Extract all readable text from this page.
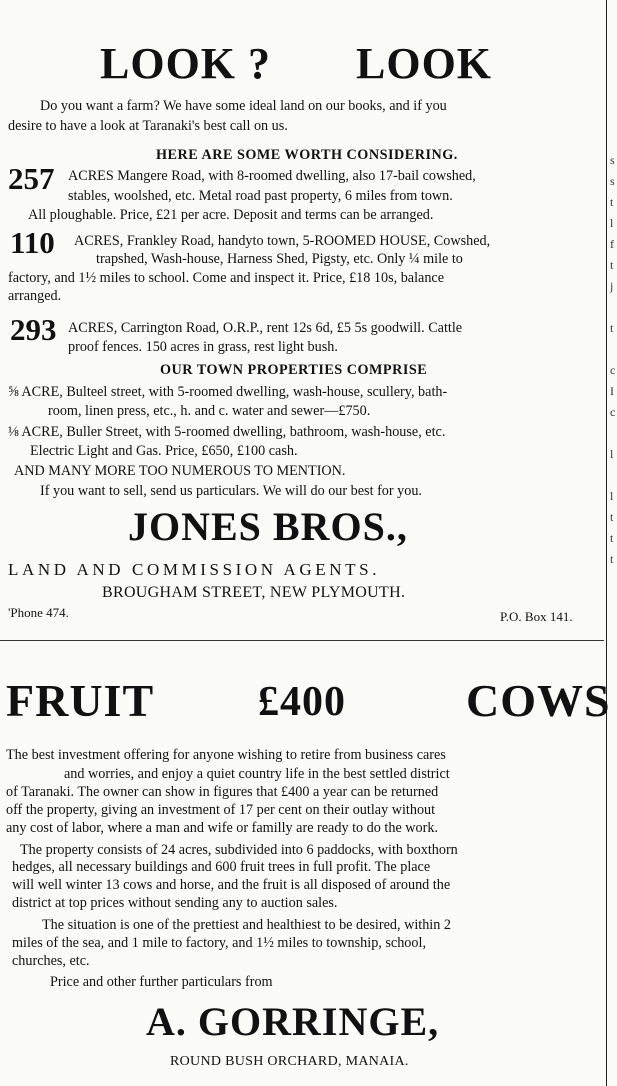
s
s
t
l
f
t
j

t

c
I
c

l

l
t
t
t
LOOK ? LOOK
Do you want a farm? We have some ideal land on our books, and if you
desire to have a look at Taranaki's best call on us.
HERE ARE SOME WORTH CONSIDERING.
257 ACRES Mangere Road, with 8-roomed dwelling, also 17-bail cowshed,
stables, woolshed, etc. Metal road past property, 6 miles from town.
All ploughable. Price, £21 per acre. Deposit and terms can be arranged.
110 ACRES, Frankley Road, handyto town, 5-ROOMED HOUSE, Cowshed,
trapshed, Wash-house, Harness Shed, Pigsty, etc. Only ¼ mile to
factory, and 1½ miles to school. Come and inspect it. Price, £18 10s, balance
arranged.
293 ACRES, Carrington Road, O.R.P., rent 12s 6d, £5 5s goodwill. Cattle
proof fences. 150 acres in grass, rest light bush.
OUR TOWN PROPERTIES COMPRISE
⅝ ACRE, Bulteel street, with 5-roomed dwelling, wash-house, scullery, bath-
room, linen press, etc., h. and c. water and sewer—£750.
⅛ ACRE, Buller Street, with 5-roomed dwelling, bathroom, wash-house, etc.
Electric Light and Gas. Price, £650, £100 cash.
AND MANY MORE TOO NUMEROUS TO MENTION.
If you want to sell, send us particulars. We will do our best for you.
JONES BROS.,
LAND AND COMMISSION AGENTS.
BROUGHAM STREET, NEW PLYMOUTH.
'Phone 474.	P.O. Box 141.
FRUIT £400	COWS
The best investment offering for anyone wishing to retire from business cares
and worries, and enjoy a quiet country life in the best settled district
of Taranaki. The owner can show in figures that £400 a year can be returned
off the property, giving an investment of 17 per cent on their outlay without
any cost of labor, where a man and wife or familly are ready to do the work.
The property consists of 24 acres, subdivided into 6 paddocks, with boxthorn
hedges, all necessary buildings and 600 fruit trees in full profit. The place
will well winter 13 cows and horse, and the fruit is all disposed of around the
district at top prices without sending any to auction sales.
The situation is one of the prettiest and healthiest to be desired, within 2
miles of the sea, and 1 mile to factory, and 1½ miles to township, school,
churches, etc.
Price and other further particulars from
A. GORRINGE,
ROUND BUSH ORCHARD, MANAIA.
